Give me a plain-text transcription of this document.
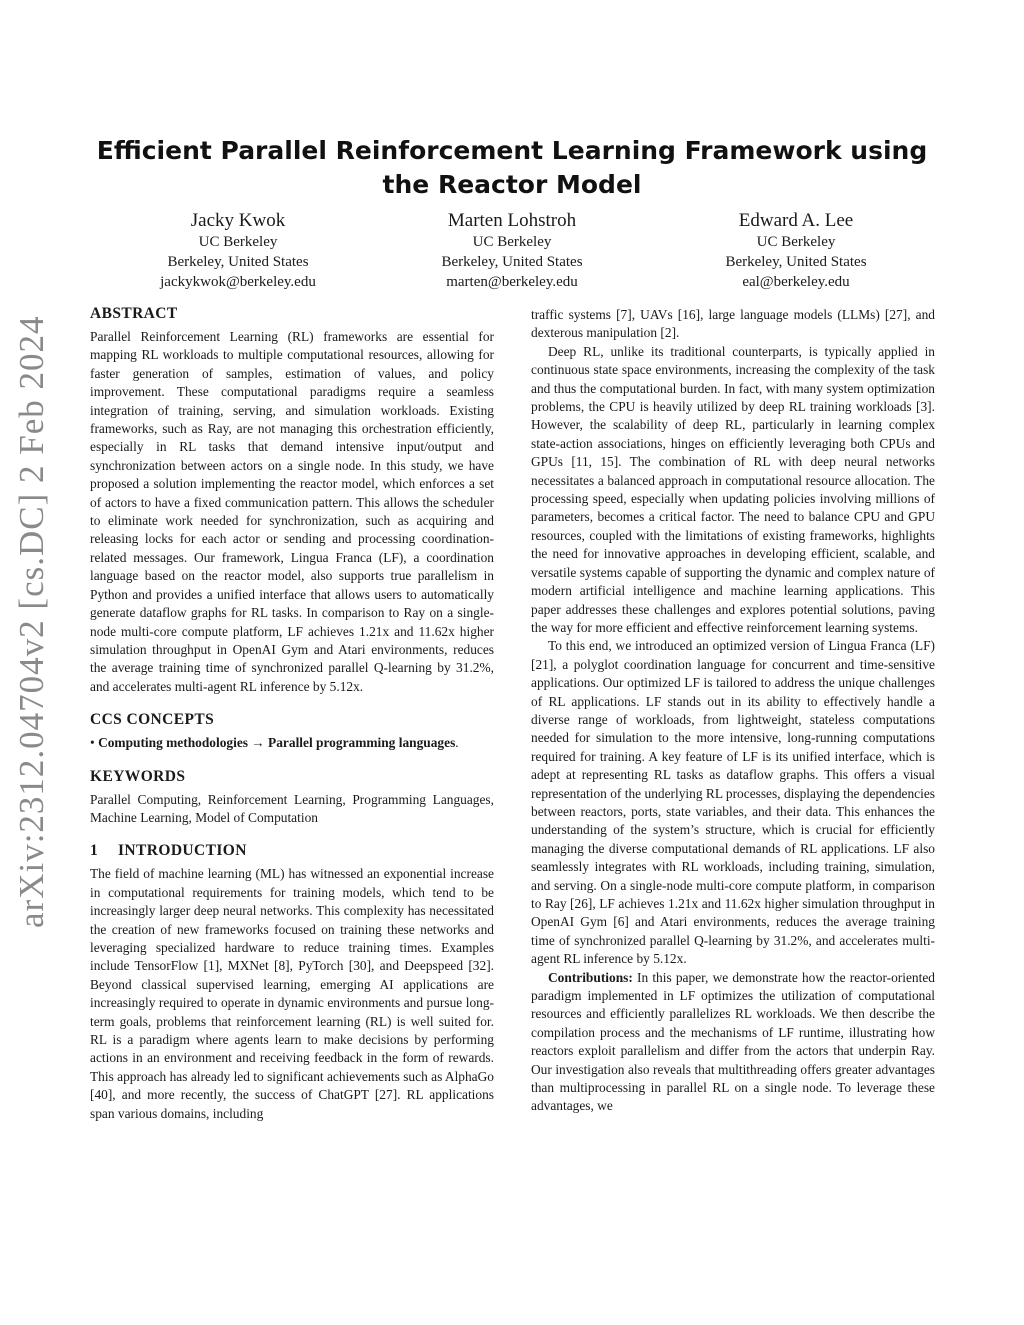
arXiv:2312.04704v2 [cs.DC] 2 Feb 2024
Efficient Parallel Reinforcement Learning Framework using the Reactor Model
Jacky Kwok
UC Berkeley
Berkeley, United States
jackykwok@berkeley.edu
Marten Lohstroh
UC Berkeley
Berkeley, United States
marten@berkeley.edu
Edward A. Lee
UC Berkeley
Berkeley, United States
eal@berkeley.edu
ABSTRACT

Parallel Reinforcement Learning (RL) frameworks are essential for mapping RL workloads to multiple computational resources, allowing for faster generation of samples, estimation of values, and policy improvement. These computational paradigms require a seamless integration of training, serving, and simulation workloads. Existing frameworks, such as Ray, are not managing this orchestration efficiently, especially in RL tasks that demand intensive input/output and synchronization between actors on a single node. In this study, we have proposed a solution implementing the reactor model, which enforces a set of actors to have a fixed communication pattern. This allows the scheduler to eliminate work needed for synchronization, such as acquiring and releasing locks for each actor or sending and processing coordination-related messages. Our framework, Lingua Franca (LF), a coordination language based on the reactor model, also supports true parallelism in Python and provides a unified interface that allows users to automatically generate dataflow graphs for RL tasks. In comparison to Ray on a single-node multi-core compute platform, LF achieves 1.21x and 11.62x higher simulation throughput in OpenAI Gym and Atari environments, reduces the average training time of synchronized parallel Q-learning by 31.2%, and accelerates multi-agent RL inference by 5.12x.

CCS CONCEPTS

• Computing methodologies → Parallel programming languages.

KEYWORDS

Parallel Computing, Reinforcement Learning, Programming Languages, Machine Learning, Model of Computation

1 INTRODUCTION

The field of machine learning (ML) has witnessed an exponential increase in computational requirements for training models, which tend to be increasingly larger deep neural networks. This complexity has necessitated the creation of new frameworks focused on training these networks and leveraging specialized hardware to reduce training times. Examples include TensorFlow [1], MXNet [8], PyTorch [30], and Deepspeed [32]. Beyond classical supervised learning, emerging AI applications are increasingly required to operate in dynamic environments and pursue long-term goals, problems that reinforcement learning (RL) is well suited for. RL is a paradigm where agents learn to make decisions by performing actions in an environment and receiving feedback in the form of rewards. This approach has already led to significant achievements such as AlphaGo [40], and more recently, the success of ChatGPT [27]. RL applications span various domains, including

traffic systems [7], UAVs [16], large language models (LLMs) [27], and dexterous manipulation [2].

Deep RL, unlike its traditional counterparts, is typically applied in continuous state space environments, increasing the complexity of the task and thus the computational burden. In fact, with many system optimization problems, the CPU is heavily utilized by deep RL training workloads [3]. However, the scalability of deep RL, particularly in learning complex state-action associations, hinges on efficiently leveraging both CPUs and GPUs [11, 15]. The combination of RL with deep neural networks necessitates a balanced approach in computational resource allocation. The processing speed, especially when updating policies involving millions of parameters, becomes a critical factor. The need to balance CPU and GPU resources, coupled with the limitations of existing frameworks, highlights the need for innovative approaches in developing efficient, scalable, and versatile systems capable of supporting the dynamic and complex nature of modern artificial intelligence and machine learning applications. This paper addresses these challenges and explores potential solutions, paving the way for more efficient and effective reinforcement learning systems.

To this end, we introduced an optimized version of Lingua Franca (LF) [21], a polyglot coordination language for concurrent and time-sensitive applications. Our optimized LF is tailored to address the unique challenges of RL applications. LF stands out in its ability to effectively handle a diverse range of workloads, from lightweight, stateless computations needed for simulation to the more intensive, long-running computations required for training. A key feature of LF is its unified interface, which is adept at representing RL tasks as dataflow graphs. This offers a visual representation of the underlying RL processes, displaying the dependencies between reactors, ports, state variables, and their data. This enhances the understanding of the system’s structure, which is crucial for efficiently managing the diverse computational demands of RL applications. LF also seamlessly integrates with RL workloads, including training, simulation, and serving. On a single-node multi-core compute platform, in comparison to Ray [26], LF achieves 1.21x and 11.62x higher simulation throughput in OpenAI Gym [6] and Atari environments, reduces the average training time of synchronized parallel Q-learning by 31.2%, and accelerates multi-agent RL inference by 5.12x.

Contributions: In this paper, we demonstrate how the reactor-oriented paradigm implemented in LF optimizes the utilization of computational resources and efficiently parallelizes RL workloads. We then describe the compilation process and the mechanisms of LF runtime, illustrating how reactors exploit parallelism and differ from the actors that underpin Ray. Our investigation also reveals that multithreading offers greater advantages than multiprocessing in parallel RL on a single node. To leverage these advantages, we
